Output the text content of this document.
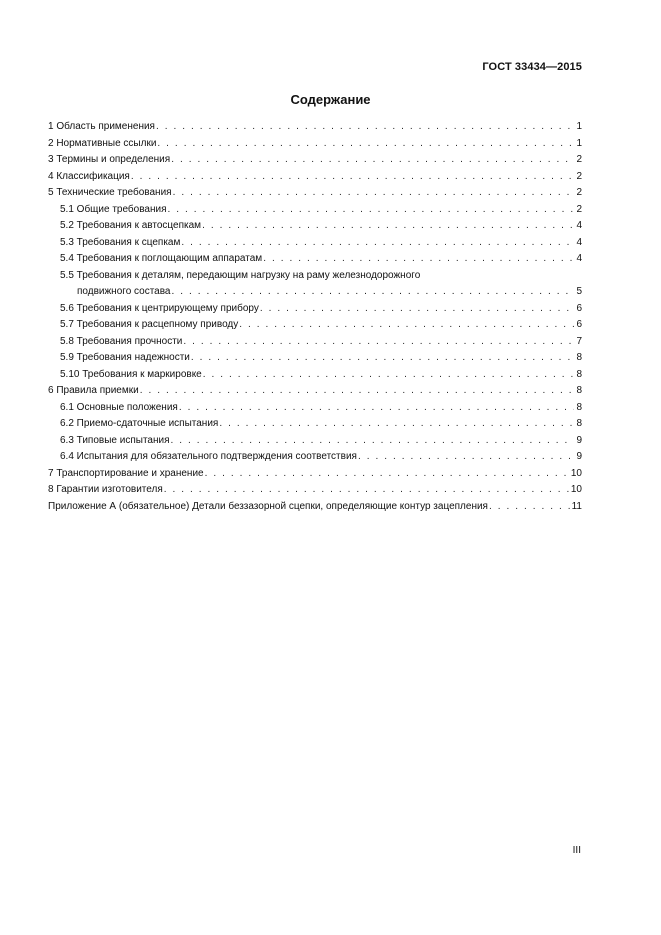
ГОСТ 33434—2015
Содержание
1 Область применения . . .	1
2 Нормативные ссылки . . .	1
3 Термины и определения . . .	2
4 Классификация . . .	2
5 Технические требования . . .	2
5.1 Общие требования . . .	2
5.2 Требования к автосцепкам . . .	4
5.3 Требования к сцепкам . . .	4
5.4 Требования к поглощающим аппаратам . . .	4
5.5 Требования к деталям, передающим нагрузку на раму железнодорожного
подвижного состава . . .	5
5.6 Требования к центрирующему прибору . . .	6
5.7 Требования к расцепному приводу . . .	6
5.8 Требования прочности . . .	7
5.9 Требования надежности . . .	8
5.10 Требования к маркировке . . .	8
6 Правила приемки . . .	8
6.1 Основные положения . . .	8
6.2 Приемо-сдаточные испытания . . .	8
6.3 Типовые испытания . . .	9
6.4 Испытания для обязательного подтверждения соответствия . . .	9
7 Транспортирование и хранение . . .	10
8 Гарантии изготовителя . . .	10
Приложение А (обязательное) Детали беззазорной сцепки, определяющие контур зацепления . . .	11
III
